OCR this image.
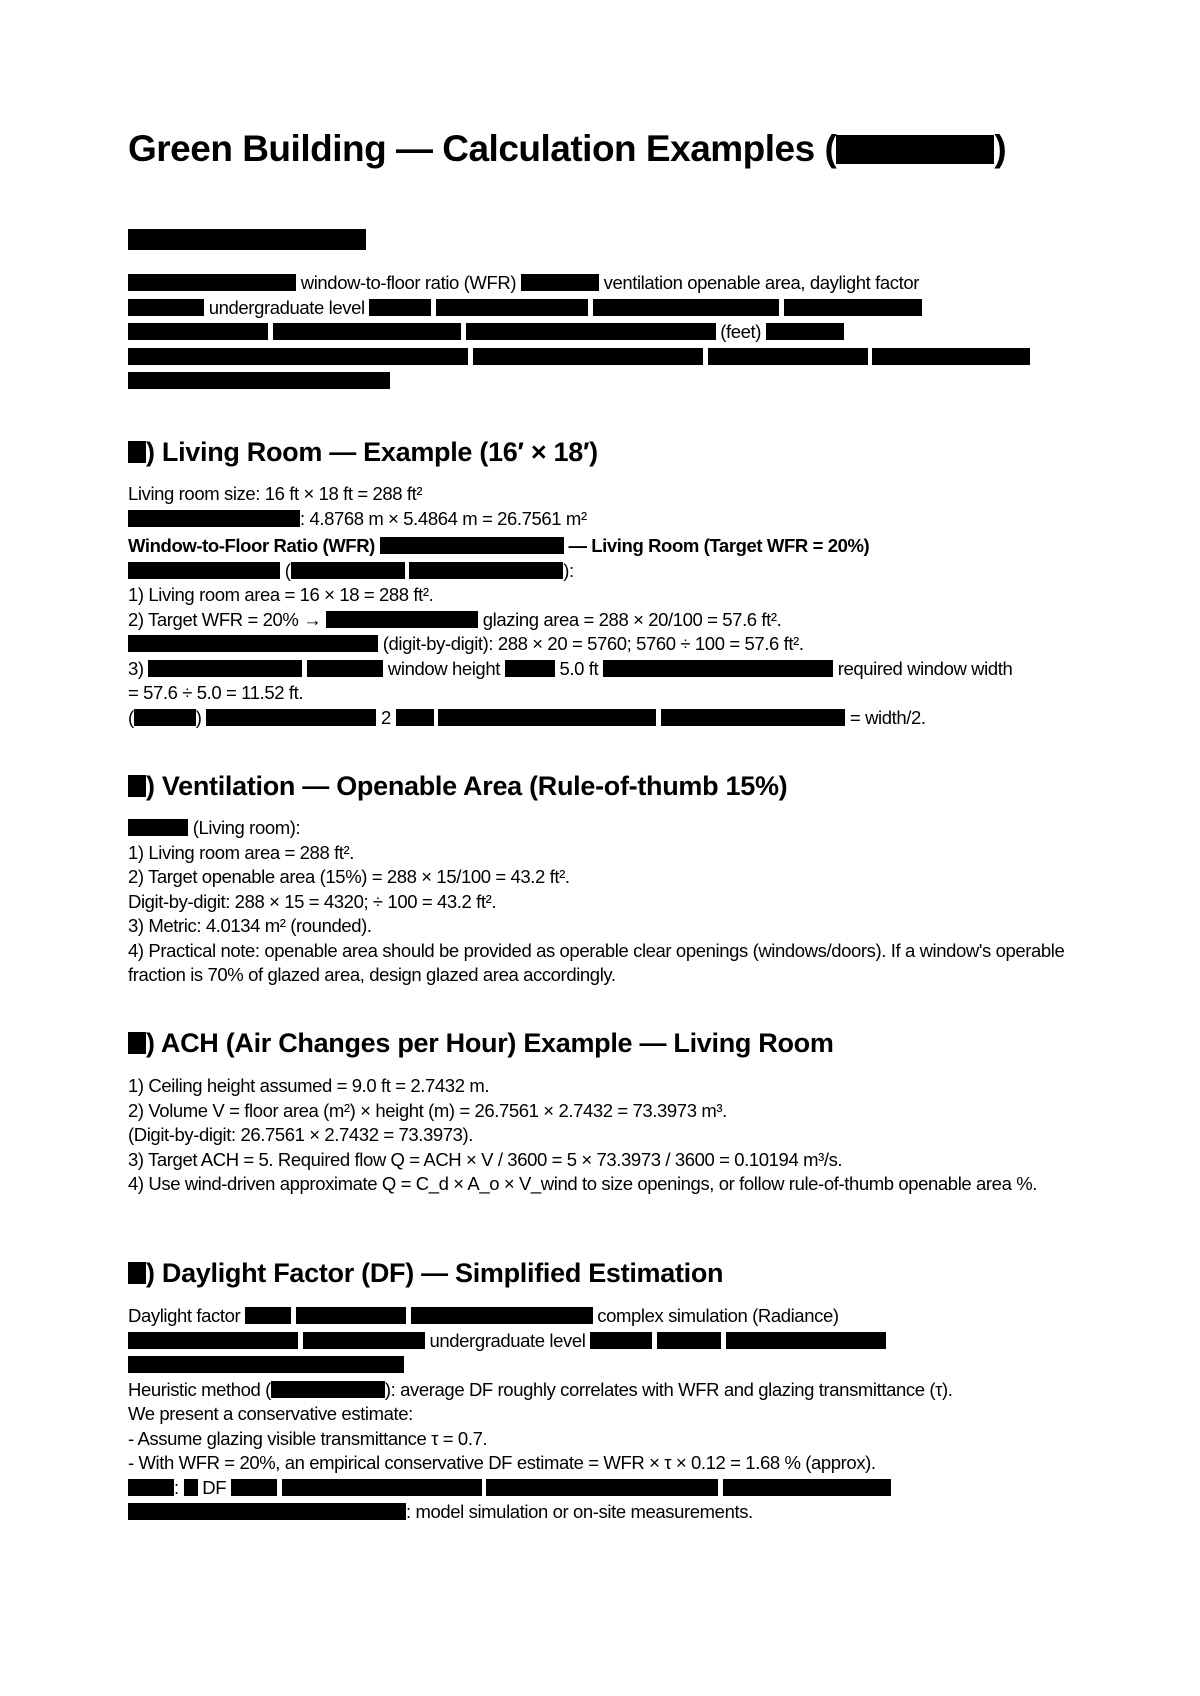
Green Building — Calculation Examples (	)
window-to-floor ratio (WFR)	ventilation openable area, daylight factor
undergraduate level
(feet)

) Living Room — Example (16′ × 18′)
Living room size: 16 ft × 18 ft = 288 ft²
: 4.8768 m × 5.4864 m = 26.7561 m²
Window-to-Floor Ratio (WFR)	— Living Room (Target WFR = 20%)
(	):
1) Living room area = 16 × 18 = 288 ft².
2) Target WFR = 20% →	glazing area = 288 × 20/100 = 57.6 ft².
(digit-by-digit): 288 × 20 = 5760; 5760 ÷ 100 = 57.6 ft².
3)	window height	5.0 ft	required window width
= 57.6 ÷ 5.0 = 11.52 ft.
(	)	2	= width/2.
) Ventilation — Openable Area (Rule-of-thumb 15%)
(Living room):
1) Living room area = 288 ft².
2) Target openable area (15%) = 288 × 15/100 = 43.2 ft².
Digit-by-digit: 288 × 15 = 4320; ÷ 100 = 43.2 ft².
3) Metric: 4.0134 m² (rounded).
4) Practical note: openable area should be provided as operable clear openings (windows/doors). If a window's operable fraction is 70% of glazed area, design glazed area accordingly.
) ACH (Air Changes per Hour) Example — Living Room
1) Ceiling height assumed = 9.0 ft = 2.7432 m.
2) Volume V = floor area (m²) × height (m) = 26.7561 × 2.7432 = 73.3973 m³.
(Digit-by-digit: 26.7561 × 2.7432 = 73.3973).
3) Target ACH = 5. Required flow Q = ACH × V / 3600 = 5 × 73.3973 / 3600 = 0.10194 m³/s.
4) Use wind-driven approximate Q = C_d × A_o × V_wind to size openings, or follow rule-of-thumb openable area %.
) Daylight Factor (DF) — Simplified Estimation
Daylight factor	complex simulation (Radiance)
undergraduate level
Heuristic method (	): average DF roughly correlates with WFR and glazing transmittance (τ).
We present a conservative estimate:
- Assume glazing visible transmittance τ = 0.7.
- With WFR = 20%, an empirical conservative DF estimate = WFR × τ × 0.12 = 1.68 % (approx).
: DF
: model simulation or on-site measurements.
